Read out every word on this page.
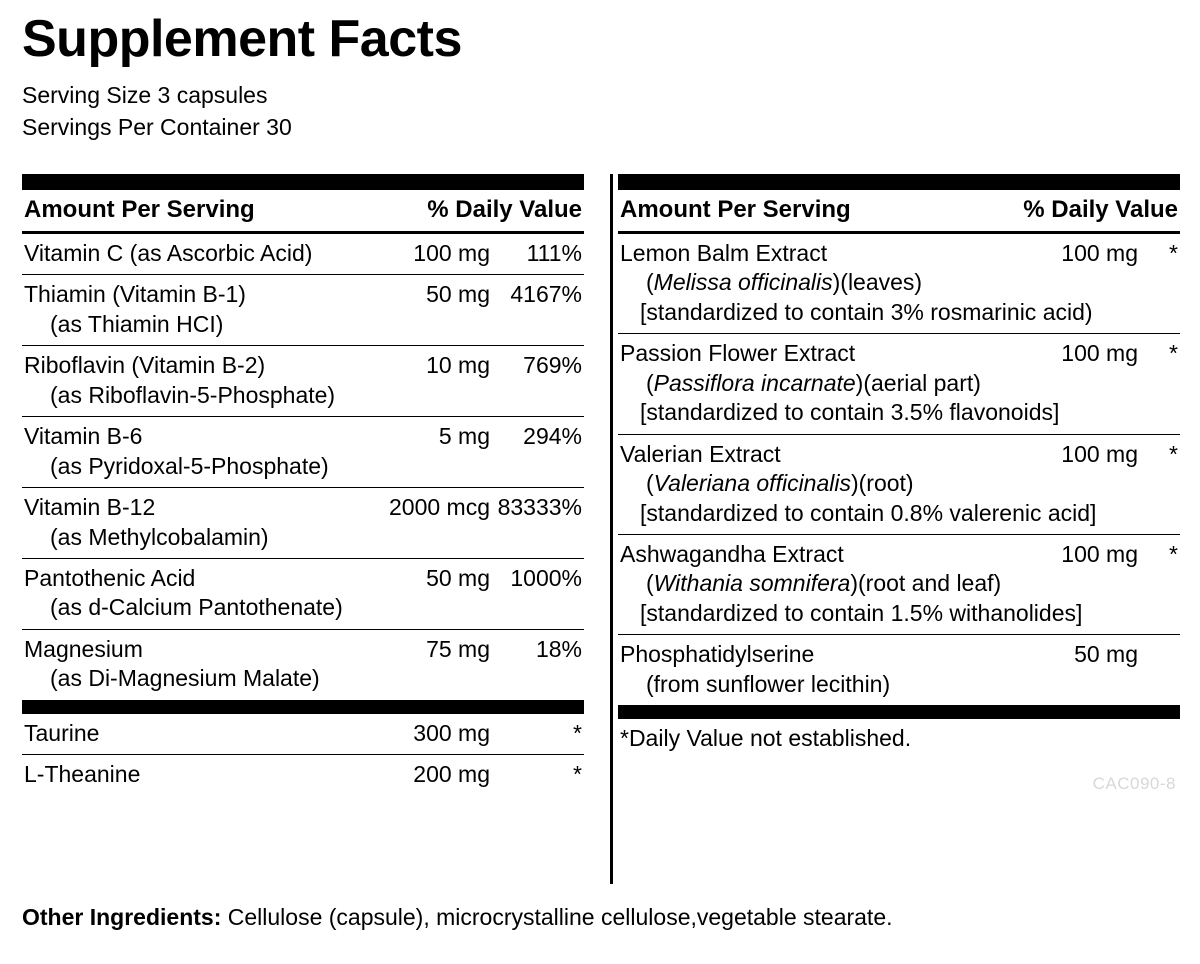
Supplement Facts
Serving Size 3 capsules
Servings Per Container 30
Amount Per Serving	% Daily Value
Vitamin C (as Ascorbic Acid)	100 mg	111%
Thiamin (Vitamin B-1)	50 mg 4167%
(as Thiamin HCI)
Riboflavin (Vitamin B-2)	10 mg	769%
(as Riboflavin-5-Phosphate)
Vitamin B-6	5 mg	294%
(as Pyridoxal-5-Phosphate)
Vitamin B-12	2000 mcg 83333%
(as Methylcobalamin)
Pantothenic Acid	50 mg 1000%
(as d-Calcium Pantothenate)
Magnesium	75 mg	18%
(as Di-Magnesium Malate)
Taurine	300 mg	*
L-Theanine	200 mg	*
Amount Per Serving	% Daily Value
Lemon Balm Extract	100 mg	*
(Melissa officinalis)(leaves)
[standardized to contain 3% rosmarinic acid)
Passion Flower Extract	100 mg	*
(Passiflora incarnate)(aerial part)
[standardized to contain 3.5% flavonoids]
Valerian Extract	100 mg	*
(Valeriana officinalis)(root)
[standardized to contain 0.8% valerenic acid]
Ashwagandha Extract	100 mg	*
(Withania somnifera)(root and leaf)
[standardized to contain 1.5% withanolides]
Phosphatidylserine	50 mg
(from sunflower lecithin)
*Daily Value not established.
CAC090-8
Other Ingredients: Cellulose (capsule), microcrystalline cellulose,vegetable stearate.
